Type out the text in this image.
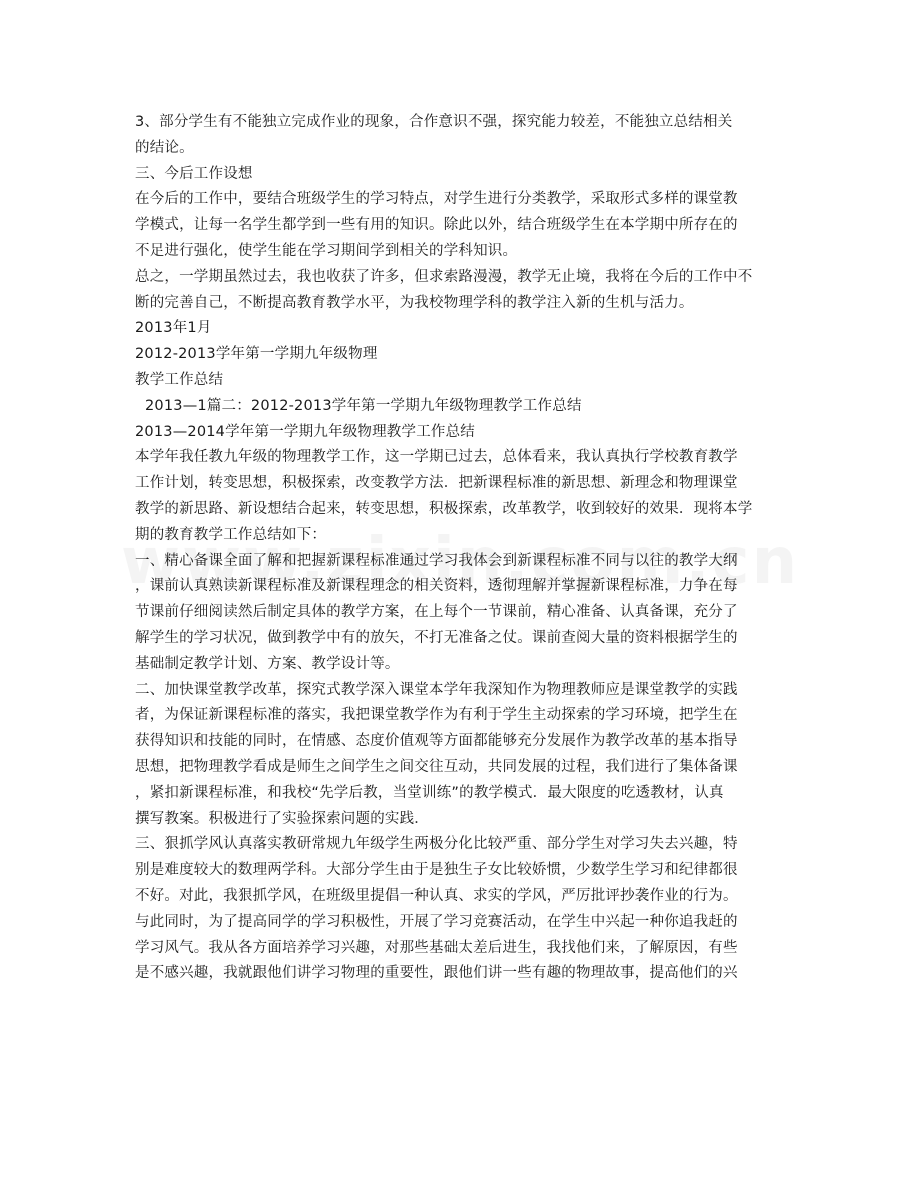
3、部分学生有不能独立完成作业的现象，合作意识不强，探究能力较差，不能独立总结相关
的结论。
三、今后工作设想
在今后的工作中，要结合班级学生的学习特点，对学生进行分类教学，采取形式多样的课堂教
学模式，让每一名学生都学到一些有用的知识。除此以外，结合班级学生在本学期中所存在的
不足进行强化，使学生能在学习期间学到相关的学科知识。
总之，一学期虽然过去，我也收获了许多，但求索路漫漫，教学无止境，我将在今后的工作中不
断的完善自己，不断提高教育教学水平，为我校物理学科的教学注入新的生机与活力。
2013年1月
2012-2013学年第一学期九年级物理
教学工作总结
2013—1篇二：2012-2013学年第一学期九年级物理教学工作总结
2013—2014学年第一学期九年级物理教学工作总结
本学年我任教九年级的物理教学工作，这一学期已过去，总体看来，我认真执行学校教育教学
工作计划，转变思想，积极探索，改变教学方法．把新课程标准的新思想、新理念和物理课堂
教学的新思路、新设想结合起来，转变思想，积极探索，改革教学，收到较好的效果．现将本学
期的教育教学工作总结如下：
一、精心备课全面了解和把握新课程标准通过学习我体会到新课程标准不同与以往的教学大纲
，课前认真熟读新课程标准及新课程理念的相关资料，透彻理解并掌握新课程标准，力争在每
节课前仔细阅读然后制定具体的教学方案，在上每个一节课前，精心准备、认真备课，充分了
解学生的学习状况，做到教学中有的放矢，不打无准备之仗。课前查阅大量的资料根据学生的
基础制定教学计划、方案、教学设计等。
二、加快课堂教学改革，探究式教学深入课堂本学年我深知作为物理教师应是课堂教学的实践
者，为保证新课程标准的落实，我把课堂教学作为有利于学生主动探索的学习环境，把学生在
获得知识和技能的同时，在情感、态度价值观等方面都能够充分发展作为教学改革的基本指导
思想，把物理教学看成是师生之间学生之间交往互动，共同发展的过程，我们进行了集体备课
，紧扣新课程标准，和我校“先学后教，当堂训练”的教学模式．最大限度的吃透教材，认真
撰写教案。积极进行了实验探索问题的实践．
三、狠抓学风认真落实教研常规九年级学生两极分化比较严重、部分学生对学习失去兴趣，特
别是难度较大的数理两学科。大部分学生由于是独生子女比较娇惯，少数学生学习和纪律都很
不好。对此，我狠抓学风，在班级里提倡一种认真、求实的学风，严厉批评抄袭作业的行为。
与此同时，为了提高同学的学习积极性，开展了学习竞赛活动，在学生中兴起一种你追我赶的
学习风气。我从各方面培养学习兴趣，对那些基础太差后进生，我找他们来，了解原因，有些
是不感兴趣，我就跟他们讲学习物理的重要性，跟他们讲一些有趣的物理故事，提高他们的兴
